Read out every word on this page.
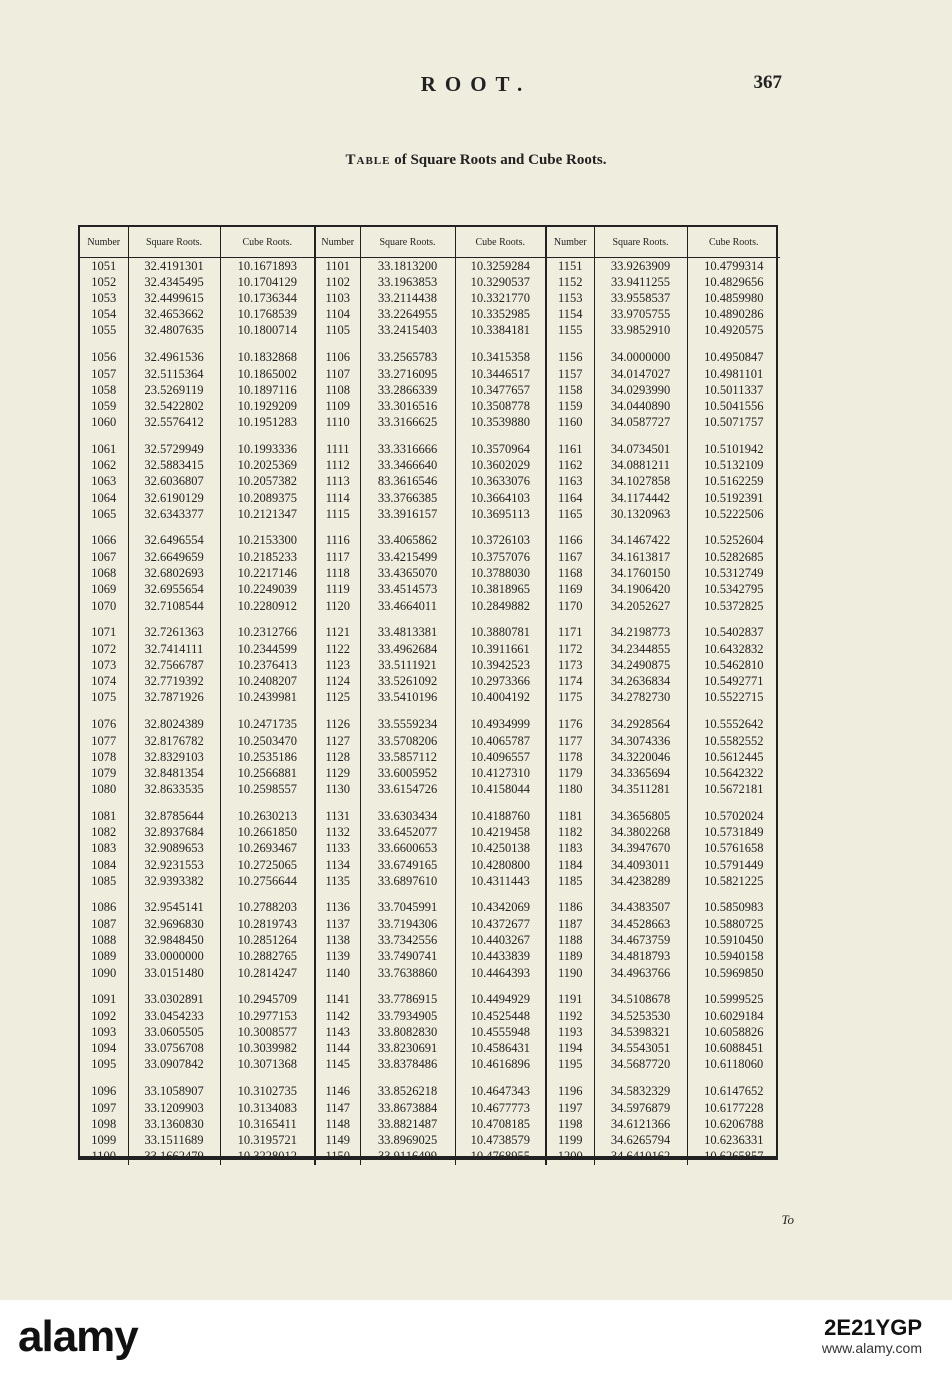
ROOT.	367
Table of Square Roots and Cube Roots.
Number	Square Roots.	Cube Roots.	Number	Square Roots.	Cube Roots.	Number	Square Roots.	Cube Roots.
1051	32.4191301	10.1671893	1101	33.1813200	10.3259284	1151	33.9263909	10.4799314
1052	32.4345495	10.1704129	1102	33.1963853	10.3290537	1152	33.9411255	10.4829656
1053	32.4499615	10.1736344	1103	33.2114438	10.3321770	1153	33.9558537	10.4859980
1054	32.4653662	10.1768539	1104	33.2264955	10.3352985	1154	33.9705755	10.4890286
1055	32.4807635	10.1800714	1105	33.2415403	10.3384181	1155	33.9852910	10.4920575
1056	32.4961536	10.1832868	1106	33.2565783	10.3415358	1156	34.0000000	10.4950847
1057	32.5115364	10.1865002	1107	33.2716095	10.3446517	1157	34.0147027	10.4981101
1058	23.5269119	10.1897116	1108	33.2866339	10.3477657	1158	34.0293990	10.5011337
1059	32.5422802	10.1929209	1109	33.3016516	10.3508778	1159	34.0440890	10.5041556
1060	32.5576412	10.1951283	1110	33.3166625	10.3539880	1160	34.0587727	10.5071757
1061	32.5729949	10.1993336	1111	33.3316666	10.3570964	1161	34.0734501	10.5101942
1062	32.5883415	10.2025369	1112	33.3466640	10.3602029	1162	34.0881211	10.5132109
1063	32.6036807	10.2057382	1113	83.3616546	10.3633076	1163	34.1027858	10.5162259
1064	32.6190129	10.2089375	1114	33.3766385	10.3664103	1164	34.1174442	10.5192391
1065	32.6343377	10.2121347	1115	33.3916157	10.3695113	1165	30.1320963	10.5222506
1066	32.6496554	10.2153300	1116	33.4065862	10.3726103	1166	34.1467422	10.5252604
1067	32.6649659	10.2185233	1117	33.4215499	10.3757076	1167	34.1613817	10.5282685
1068	32.6802693	10.2217146	1118	33.4365070	10.3788030	1168	34.1760150	10.5312749
1069	32.6955654	10.2249039	1119	33.4514573	10.3818965	1169	34.1906420	10.5342795
1070	32.7108544	10.2280912	1120	33.4664011	10.2849882	1170	34.2052627	10.5372825
1071	32.7261363	10.2312766	1121	33.4813381	10.3880781	1171	34.2198773	10.5402837
1072	32.7414111	10.2344599	1122	33.4962684	10.3911661	1172	34.2344855	10.6432832
1073	32.7566787	10.2376413	1123	33.5111921	10.3942523	1173	34.2490875	10.5462810
1074	32.7719392	10.2408207	1124	33.5261092	10.2973366	1174	34.2636834	10.5492771
1075	32.7871926	10.2439981	1125	33.5410196	10.4004192	1175	34.2782730	10.5522715
1076	32.8024389	10.2471735	1126	33.5559234	10.4934999	1176	34.2928564	10.5552642
1077	32.8176782	10.2503470	1127	33.5708206	10.4065787	1177	34.3074336	10.5582552
1078	32.8329103	10.2535186	1128	33.5857112	10.4096557	1178	34.3220046	10.5612445
1079	32.8481354	10.2566881	1129	33.6005952	10.4127310	1179	34.3365694	10.5642322
1080	32.8633535	10.2598557	1130	33.6154726	10.4158044	1180	34.3511281	10.5672181
1081	32.8785644	10.2630213	1131	33.6303434	10.4188760	1181	34.3656805	10.5702024
1082	32.8937684	10.2661850	1132	33.6452077	10.4219458	1182	34.3802268	10.5731849
1083	32.9089653	10.2693467	1133	33.6600653	10.4250138	1183	34.3947670	10.5761658
1084	32.9231553	10.2725065	1134	33.6749165	10.4280800	1184	34.4093011	10.5791449
1085	32.9393382	10.2756644	1135	33.6897610	10.4311443	1185	34.4238289	10.5821225
1086	32.9545141	10.2788203	1136	33.7045991	10.4342069	1186	34.4383507	10.5850983
1087	32.9696830	10.2819743	1137	33.7194306	10.4372677	1187	34.4528663	10.5880725
1088	32.9848450	10.2851264	1138	33.7342556	10.4403267	1188	34.4673759	10.5910450
1089	33.0000000	10.2882765	1139	33.7490741	10.4433839	1189	34.4818793	10.5940158
1090	33.0151480	10.2814247	1140	33.7638860	10.4464393	1190	34.4963766	10.5969850
1091	33.0302891	10.2945709	1141	33.7786915	10.4494929	1191	34.5108678	10.5999525
1092	33.0454233	10.2977153	1142	33.7934905	10.4525448	1192	34.5253530	10.6029184
1093	33.0605505	10.3008577	1143	33.8082830	10.4555948	1193	34.5398321	10.6058826
1094	33.0756708	10.3039982	1144	33.8230691	10.4586431	1194	34.5543051	10.6088451
1095	33.0907842	10.3071368	1145	33.8378486	10.4616896	1195	34.5687720	10.6118060
1096	33.1058907	10.3102735	1146	33.8526218	10.4647343	1196	34.5832329	10.6147652
1097	33.1209903	10.3134083	1147	33.8673884	10.4677773	1197	34.5976879	10.6177228
1098	33.1360830	10.3165411	1148	33.8821487	10.4708185	1198	34.6121366	10.6206788
1099	33.1511689	10.3195721	1149	33.8969025	10.4738579	1199	34.6265794	10.6236331
1100	33.1662479	10.3228012	1150	33.9116499	10.4768955	1200	34.6410162	10.6265857
To
alamy	2E21YGP
www.alamy.com
